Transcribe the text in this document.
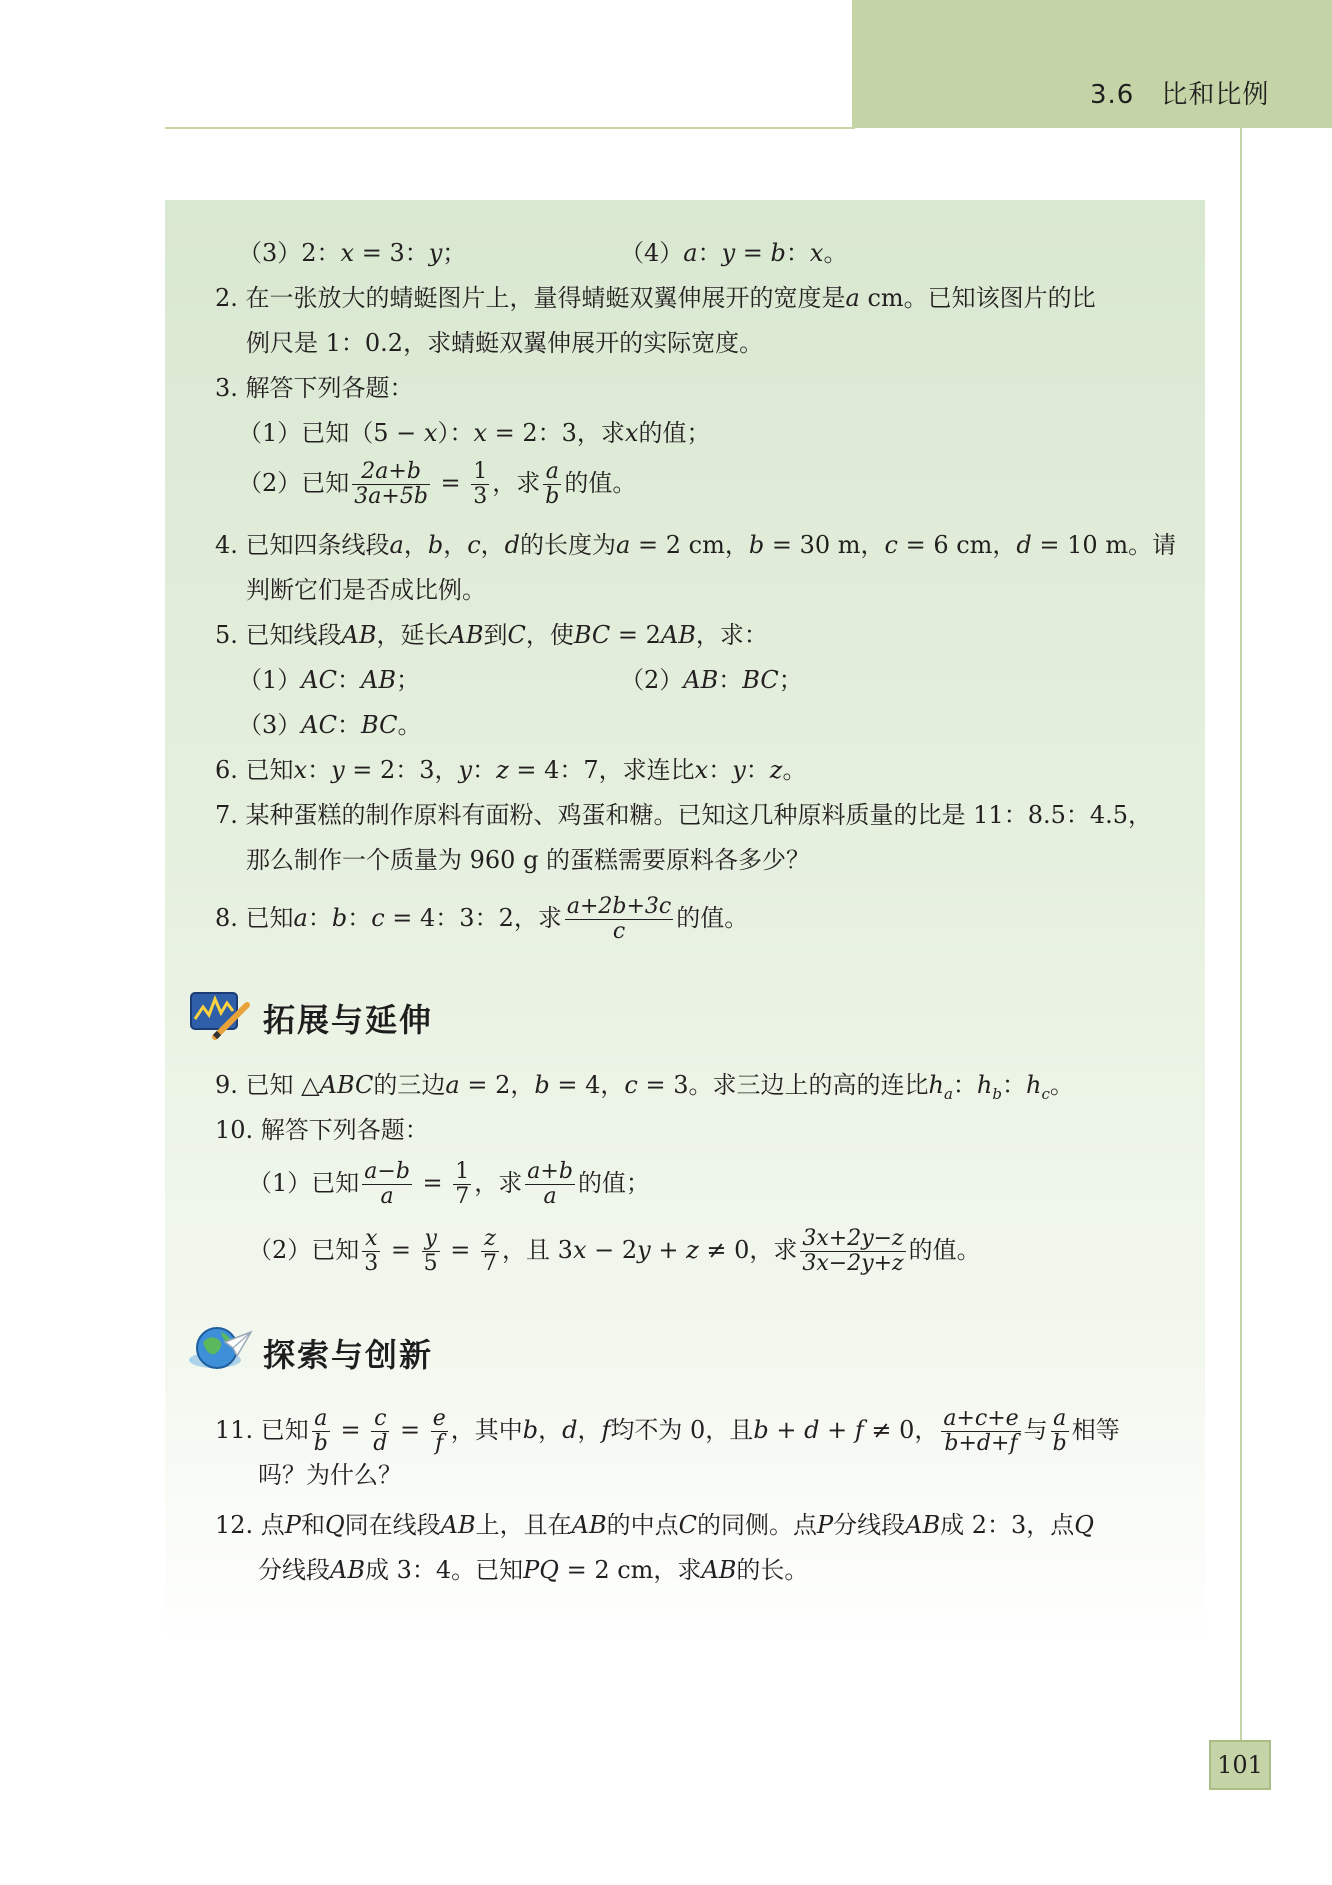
3.6　比和比例
（3）2：x = 3：y；	（4）a：y = b：x。
2. 在一张放大的蜻蜓图片上，量得蜻蜓双翼伸展开的宽度是a cm。已知该图片的比
例尺是 1：0.2，求蜻蜓双翼伸展开的实际宽度。
3. 解答下列各题：
（1）已知（5 − x）：x = 2：3，求x的值；
（2）已知 $\frac{2a+b}{3a+5b} = \frac{1}{3}$ ，求 $\frac{a}{b}$ 的值。
4. 已知四条线段a，b，c，d的长度为a = 2 cm，b = 30 m，c = 6 cm，d = 10 m。请
判断它们是否成比例。
5. 已知线段AB，延长AB到C，使BC = 2AB，求：
（1）AC：AB；	（2）AB：BC；
（3）AC：BC。
6. 已知x：y = 2：3，y：z = 4：7，求连比x：y：z。
7. 某种蛋糕的制作原料有面粉、鸡蛋和糖。已知这几种原料质量的比是 11：8.5：4.5，
那么制作一个质量为 960 g 的蛋糕需要原料各多少？
8. 已知a：b：c = 4：3：2，求 $\frac{a+2b+3c}{c}$ 的值。
拓展与延伸
9. 已知 △ABC的三边a = 2，b = 4，c = 3。求三边上的高的连比$h_a$：$h_b$：$h_c$。
10. 解答下列各题：
（1）已知 $\frac{a-b}{a} = \frac{1}{7}$ ，求 $\frac{a+b}{a}$ 的值；
（2）已知 $\frac{x}{3} = \frac{y}{5} = \frac{z}{7}$ ，且 3x − 2y + z ≠ 0，求 $\frac{3x+2y-z}{3x-2y+z}$ 的值。
探索与创新
11. 已知 $\frac{a}{b} = \frac{c}{d} = \frac{e}{f}$ ，其中b，d，f均不为 0，且b + d + f ≠ 0， $\frac{a+c+e}{b+d+f}$ 与 $\frac{a}{b}$ 相等
吗？为什么？
12. 点P和Q同在线段AB上，且在AB的中点C的同侧。点P分线段AB成 2：3，点Q
分线段AB成 3：4。已知PQ = 2 cm，求AB的长。
101
